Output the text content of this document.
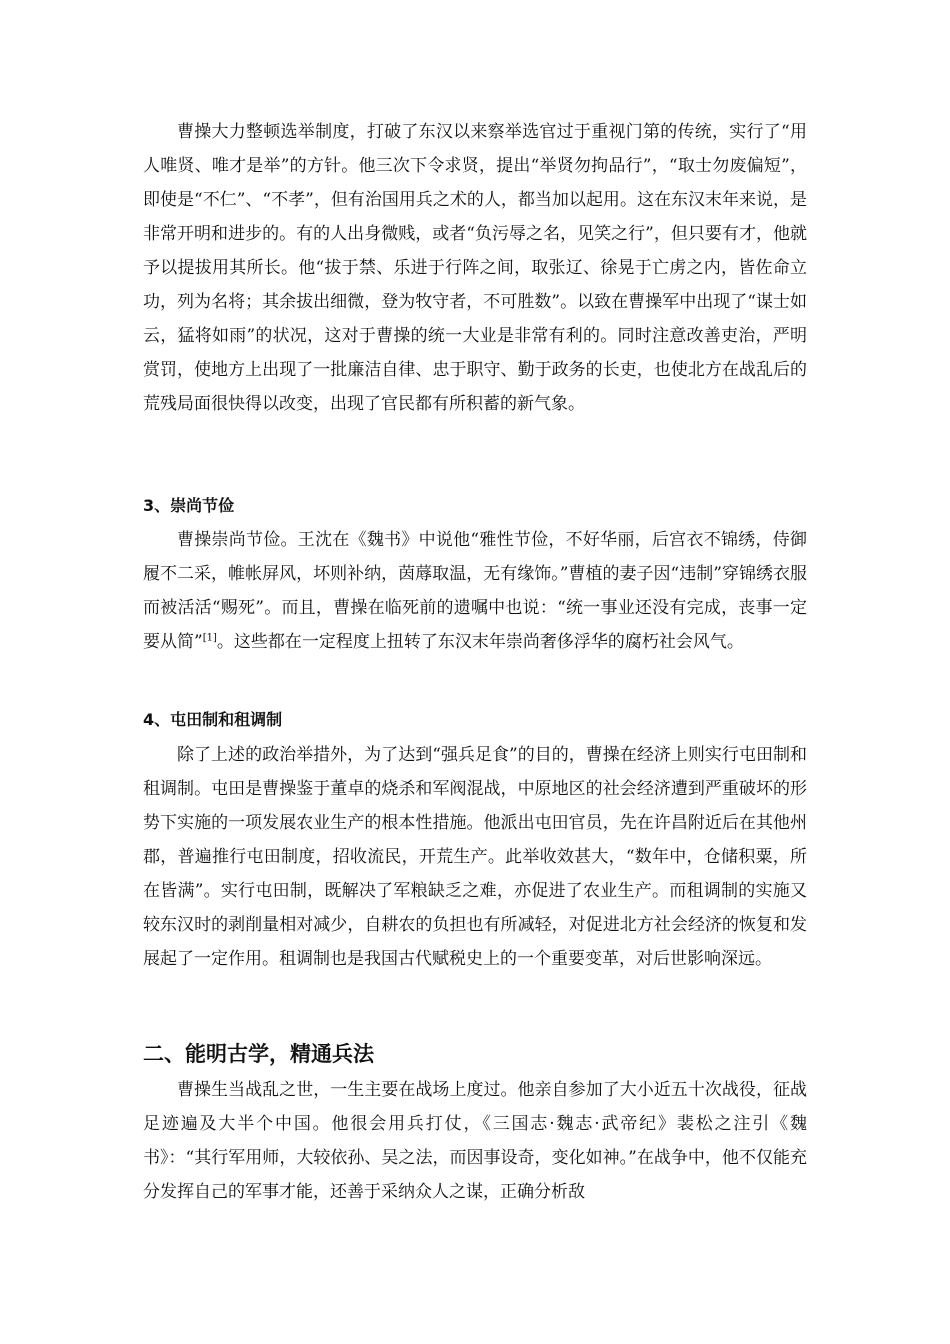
曹操大力整顿选举制度，打破了东汉以来察举选官过于重视门第的传统，实行了“用人唯贤、唯才是举”的方针。他三次下令求贤，提出“举贤勿拘品行”，“取士勿废偏短”，即使是“不仁”、“不孝”，但有治国用兵之术的人，都当加以起用。这在东汉末年来说，是非常开明和进步的。有的人出身微贱，或者“负污辱之名，见笑之行”，但只要有才，他就予以提拔用其所长。他“拔于禁、乐进于行阵之间，取张辽、徐晃于亡虏之内，皆佐命立功，列为名将；其余拔出细微，登为牧守者，不可胜数”。以致在曹操军中出现了“谋士如云，猛将如雨”的状况，这对于曹操的统一大业是非常有利的。同时注意改善吏治，严明赏罚，使地方上出现了一批廉洁自律、忠于职守、勤于政务的长吏，也使北方在战乱后的荒残局面很快得以改变，出现了官民都有所积蓄的新气象。

3、崇尚节俭

曹操崇尚节俭。王沈在《魏书》中说他“雅性节俭，不好华丽，后宫衣不锦绣，侍御履不二采，帷帐屏风，坏则补纳，茵蓐取温，无有缘饰。”曹植的妻子因“违制”穿锦绣衣服而被活活“赐死”。而且，曹操在临死前的遗嘱中也说：“统一事业还没有完成，丧事一定要从简”[1]。这些都在一定程度上扭转了东汉末年崇尚奢侈浮华的腐朽社会风气。

4、屯田制和租调制

除了上述的政治举措外，为了达到“强兵足食”的目的，曹操在经济上则实行屯田制和租调制。屯田是曹操鉴于董卓的烧杀和军阀混战，中原地区的社会经济遭到严重破坏的形势下实施的一项发展农业生产的根本性措施。他派出屯田官员，先在许昌附近后在其他州郡，普遍推行屯田制度，招收流民，开荒生产。此举收效甚大，“数年中，仓储积粟，所在皆满”。实行屯田制，既解决了军粮缺乏之难，亦促进了农业生产。而租调制的实施又较东汉时的剥削量相对减少，自耕农的负担也有所减轻，对促进北方社会经济的恢复和发展起了一定作用。租调制也是我国古代赋税史上的一个重要变革，对后世影响深远。

二、能明古学，精通兵法

曹操生当战乱之世，一生主要在战场上度过。他亲自参加了大小近五十次战役，征战足迹遍及大半个中国。他很会用兵打仗，《三国志·魏志·武帝纪》裴松之注引《魏书》：“其行军用师，大较依孙、吴之法，而因事设奇，变化如神。”在战争中，他不仅能充分发挥自己的军事才能，还善于采纳众人之谋，正确分析敌
